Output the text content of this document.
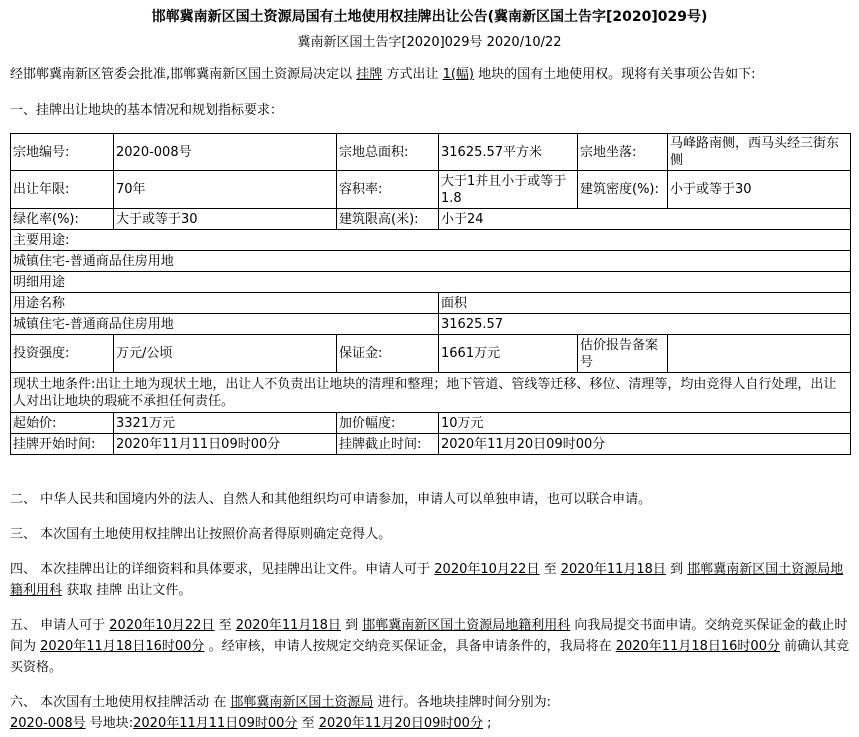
邯郸冀南新区国土资源局国有土地使用权挂牌出让公告(冀南新区国土告字[2020]029号)
冀南新区国土告字[2020]029号 2020/10/22
经邯郸冀南新区管委会批准,邯郸冀南新区国土资源局决定以 挂牌 方式出让 1(幅) 地块的国有土地使用权。现将有关事项公告如下:
一、挂牌出让地块的基本情况和规划指标要求：
宗地编号:	2020-008号	宗地总面积:	31625.57平方米	宗地坐落:	马峰路南侧，西马头经三街东侧
出让年限:	70年	容积率:	大于1并且小于或等于1.8	建筑密度(%):	小于或等于30
绿化率(%):	大于或等于30	建筑限高(米):	小于24		
主要用途:					
城镇住宅-普通商品住房用地					
明细用途					
用途名称			面积		
城镇住宅-普通商品住房用地			31625.57		
投资强度:	万元/公顷	保证金:	1661万元	估价报告备案号	
现状土地条件:出让土地为现状土地，出让人不负责出让地块的清理和整理；地下管道、管线等迁移、移位、清理等，均由竞得人自行处理，出让人对出让地块的瑕疵不承担任何责任。					
起始价:	3321万元	加价幅度:	10万元		
挂牌开始时间:	2020年11月11日09时00分	挂牌截止时间:	2020年11月20日09时00分		
二、 中华人民共和国境内外的法人、自然人和其他组织均可申请参加，申请人可以单独申请，也可以联合申请。
三、 本次国有土地使用权挂牌出让按照价高者得原则确定竞得人。
四、 本次挂牌出让的详细资料和具体要求，见挂牌出让文件。申请人可于 2020年10月22日 至 2020年11月18日 到 邯郸冀南新区国土资源局地籍利用科 获取 挂牌 出让文件。
五、 申请人可于 2020年10月22日 至 2020年11月18日 到 邯郸冀南新区国土资源局地籍利用科 向我局提交书面申请。交纳竞买保证金的截止时间为 2020年11月18日16时00分 。经审核，申请人按规定交纳竞买保证金，具备申请条件的，我局将在 2020年11月18日16时00分 前确认其竞买资格。
六、 本次国有土地使用权挂牌活动 在 邯郸冀南新区国土资源局 进行。各地块挂牌时间分别为:
2020-008号 号地块:2020年11月11日09时00分 至 2020年11月20日09时00分 ;
